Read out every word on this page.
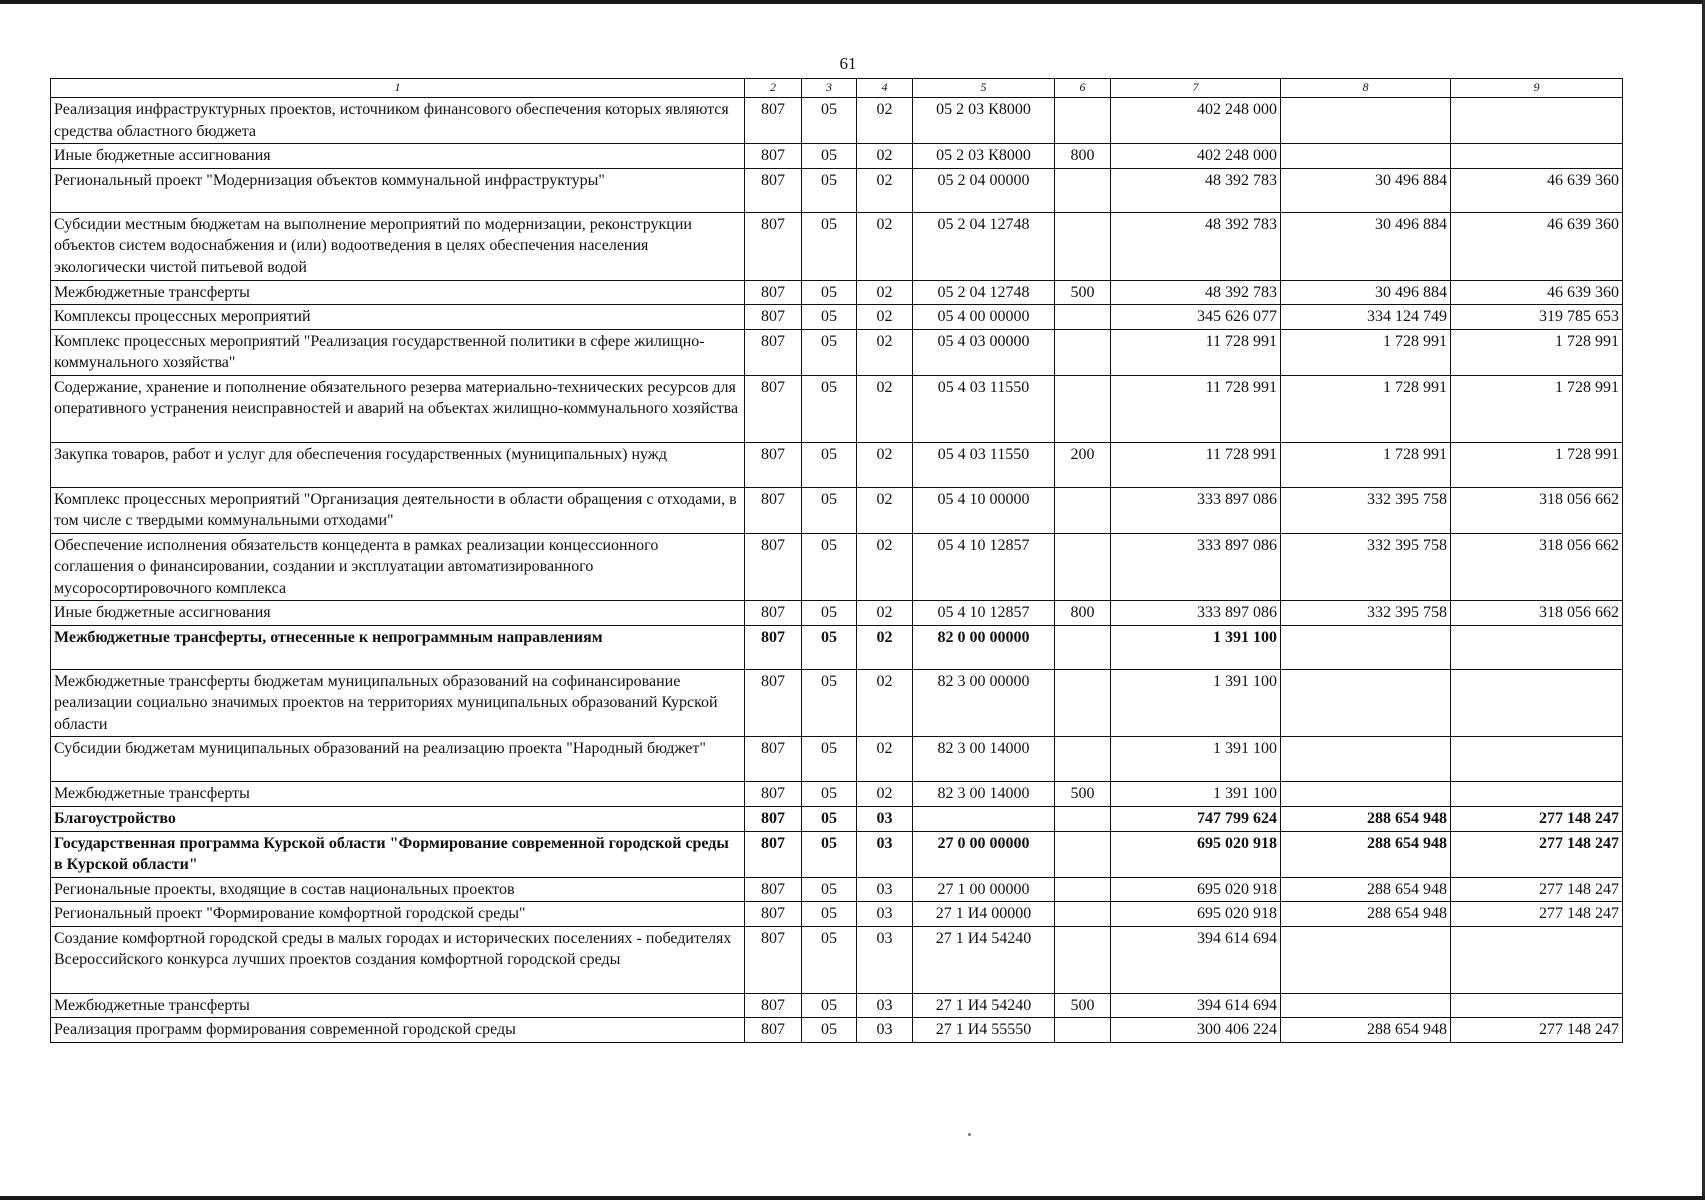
61
1	2	3	4	5	6	7	8	9
Реализация инфраструктурных проектов, источником финансового обеспечения которых являются средства областного бюджета	807	05	02	05 2 03 К8000		402 248 000		
Иные бюджетные ассигнования	807	05	02	05 2 03 К8000	800	402 248 000		
Региональный проект "Модернизация объектов коммунальной инфраструктуры"	807	05	02	05 2 04 00000		48 392 783	30 496 884	46 639 360
Субсидии местным бюджетам на выполнение мероприятий по модернизации, реконструкции объектов систем водоснабжения и (или) водоотведения в целях обеспечения населения экологически чистой питьевой водой	807	05	02	05 2 04 12748		48 392 783	30 496 884	46 639 360
Межбюджетные трансферты	807	05	02	05 2 04 12748	500	48 392 783	30 496 884	46 639 360
Комплексы процессных мероприятий	807	05	02	05 4 00 00000		345 626 077	334 124 749	319 785 653
Комплекс процессных мероприятий "Реализация государственной политики в сфере жилищно-коммунального хозяйства"	807	05	02	05 4 03 00000		11 728 991	1 728 991	1 728 991
Содержание, хранение и пополнение обязательного резерва материально-технических ресурсов для оперативного устранения неисправностей и аварий на объектах жилищно-коммунального хозяйства	807	05	02	05 4 03 11550		11 728 991	1 728 991	1 728 991
Закупка товаров, работ и услуг для обеспечения государственных (муниципальных) нужд	807	05	02	05 4 03 11550	200	11 728 991	1 728 991	1 728 991
Комплекс процессных мероприятий "Организация деятельности в области обращения с отходами, в том числе с твердыми коммунальными отходами"	807	05	02	05 4 10 00000		333 897 086	332 395 758	318 056 662
Обеспечение исполнения обязательств концедента в рамках реализации концессионного соглашения о финансировании, создании и эксплуатации автоматизированного мусоросортировочного комплекса	807	05	02	05 4 10 12857		333 897 086	332 395 758	318 056 662
Иные бюджетные ассигнования	807	05	02	05 4 10 12857	800	333 897 086	332 395 758	318 056 662
Межбюджетные трансферты, отнесенные к непрограммным направлениям	807	05	02	82 0 00 00000		1 391 100		
Межбюджетные трансферты бюджетам муниципальных образований на софинансирование реализации социально значимых проектов на территориях муниципальных образований Курской области	807	05	02	82 3 00 00000		1 391 100		
Субсидии бюджетам муниципальных образований на реализацию проекта "Народный бюджет"	807	05	02	82 3 00 14000		1 391 100		
Межбюджетные трансферты	807	05	02	82 3 00 14000	500	1 391 100		
Благоустройство	807	05	03			747 799 624	288 654 948	277 148 247
Государственная программа Курской области "Формирование современной городской среды в Курской области"	807	05	03	27 0 00 00000		695 020 918	288 654 948	277 148 247
Региональные проекты, входящие в состав национальных проектов	807	05	03	27 1 00 00000		695 020 918	288 654 948	277 148 247
Региональный проект "Формирование комфортной городской среды"	807	05	03	27 1 И4 00000		695 020 918	288 654 948	277 148 247
Создание комфортной городской среды в малых городах и исторических поселениях - победителях Всероссийского конкурса лучших проектов создания комфортной городской среды	807	05	03	27 1 И4 54240		394 614 694		
Межбюджетные трансферты	807	05	03	27 1 И4 54240	500	394 614 694		
Реализация программ формирования современной городской среды	807	05	03	27 1 И4 55550		300 406 224	288 654 948	277 148 247
